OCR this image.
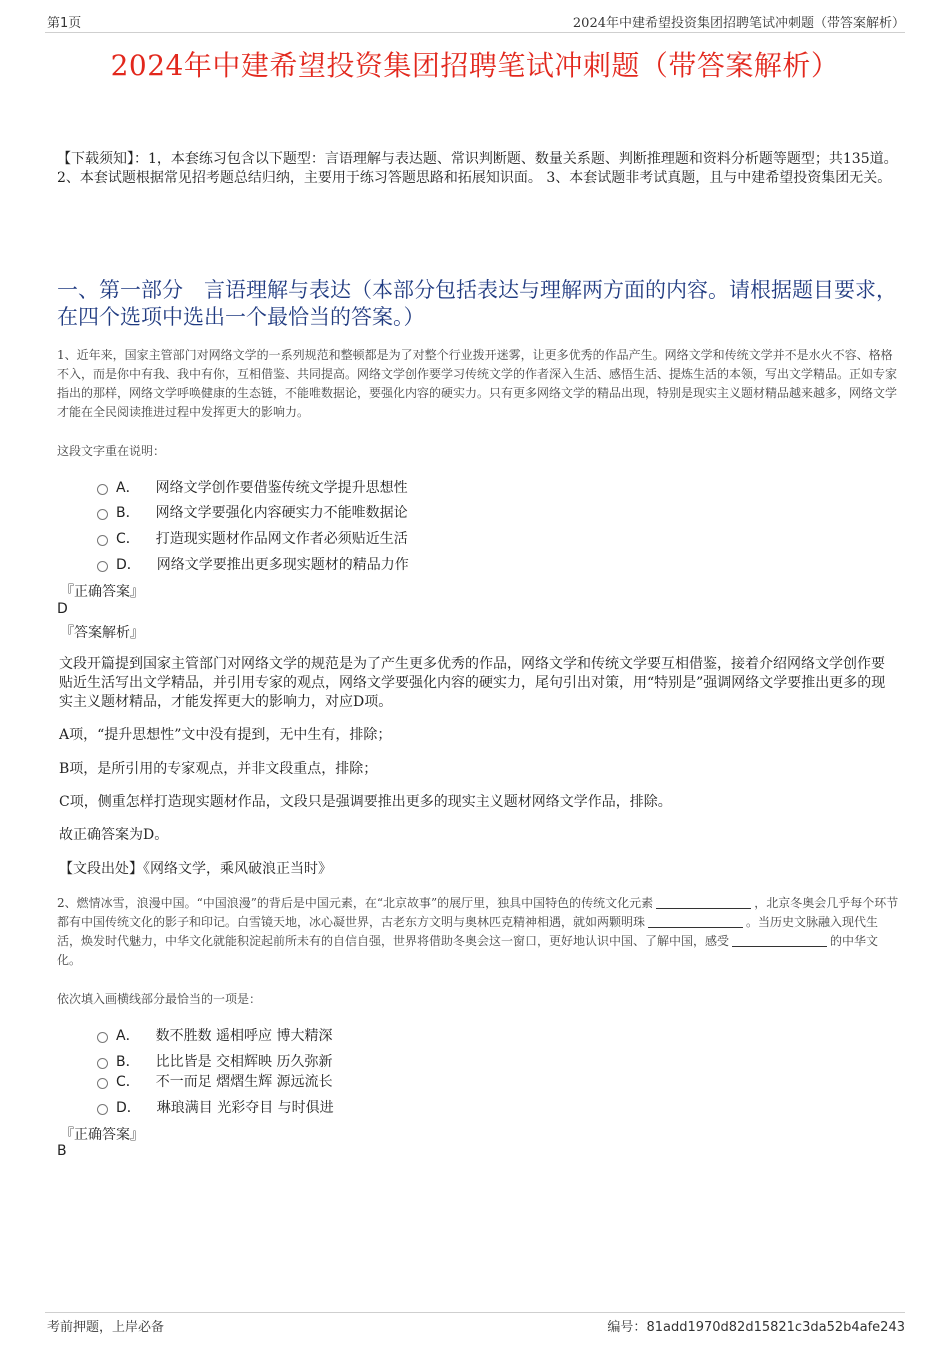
第1页	2024年中建希望投资集团招聘笔试冲刺题（带答案解析）
2024年中建希望投资集团招聘笔试冲刺题（带答案解析）
【下载须知】：1，本套练习包含以下题型：言语理解与表达题、常识判断题、数量关系题、判断推理题和资料分析题等题型；共135道。 2、本套试题根据常见招考题总结归纳，主要用于练习答题思路和拓展知识面。 3、本套试题非考试真题，且与中建希望投资集团无关。
一、第一部分　言语理解与表达（本部分包括表达与理解两方面的内容。请根据题目要求，在四个选项中选出一个最恰当的答案。）
1、近年来，国家主管部门对网络文学的一系列规范和整顿都是为了对整个行业拨开迷雾，让更多优秀的作品产生。网络文学和传统文学并不是水火不容、格格不入，而是你中有我、我中有你，互相借鉴、共同提高。网络文学创作要学习传统文学的作者深入生活、感悟生活、提炼生活的本领，写出文学精品。正如专家指出的那样，网络文学呼唤健康的生态链，不能唯数据论，要强化内容的硬实力。只有更多网络文学的精品出现，特别是现实主义题材精品越来越多，网络文学才能在全民阅读推进过程中发挥更大的影响力。
这段文字重在说明：
A． 网络文学创作要借鉴传统文学提升思想性
B． 网络文学要强化内容硬实力不能唯数据论
C． 打造现实题材作品网文作者必须贴近生活
D． 网络文学要推出更多现实题材的精品力作
『正确答案』
D
『答案解析』
文段开篇提到国家主管部门对网络文学的规范是为了产生更多优秀的作品，网络文学和传统文学要互相借鉴，接着介绍网络文学创作要贴近生活写出文学精品，并引用专家的观点，网络文学要强化内容的硬实力，尾句引出对策，用“特别是”强调网络文学要推出更多的现实主义题材精品，才能发挥更大的影响力，对应D项。
A项，“提升思想性”文中没有提到，无中生有，排除；
B项，是所引用的专家观点，并非文段重点，排除；
C项，侧重怎样打造现实题材作品，文段只是强调要推出更多的现实主义题材网络文学作品，排除。
故正确答案为D。
【文段出处】《网络文学，乘风破浪正当时》
2、燃情冰雪，浪漫中国。“中国浪漫”的背后是中国元素，在“北京故事”的展厅里，独具中国特色的传统文化元素	，北京冬奥会几乎每个环节都有中国传统文化的影子和印记。白雪镜天地，冰心凝世界，古老东方文明与奥林匹克精神相遇，就如两颗明珠	。当历史文脉融入现代生活，焕发时代魅力，中华文化就能积淀起前所未有的自信自强，世界将借助冬奥会这一窗口，更好地认识中国、了解中国，感受	的中华文化。
依次填入画横线部分最恰当的一项是：
A． 数不胜数 遥相呼应 博大精深
B． 比比皆是 交相辉映 历久弥新
C． 不一而足 熠熠生辉 源远流长
D． 琳琅满目 光彩夺目 与时俱进
『正确答案』
B
考前押题，上岸必备	编号：81add1970d82d15821c3da52b4afe243
